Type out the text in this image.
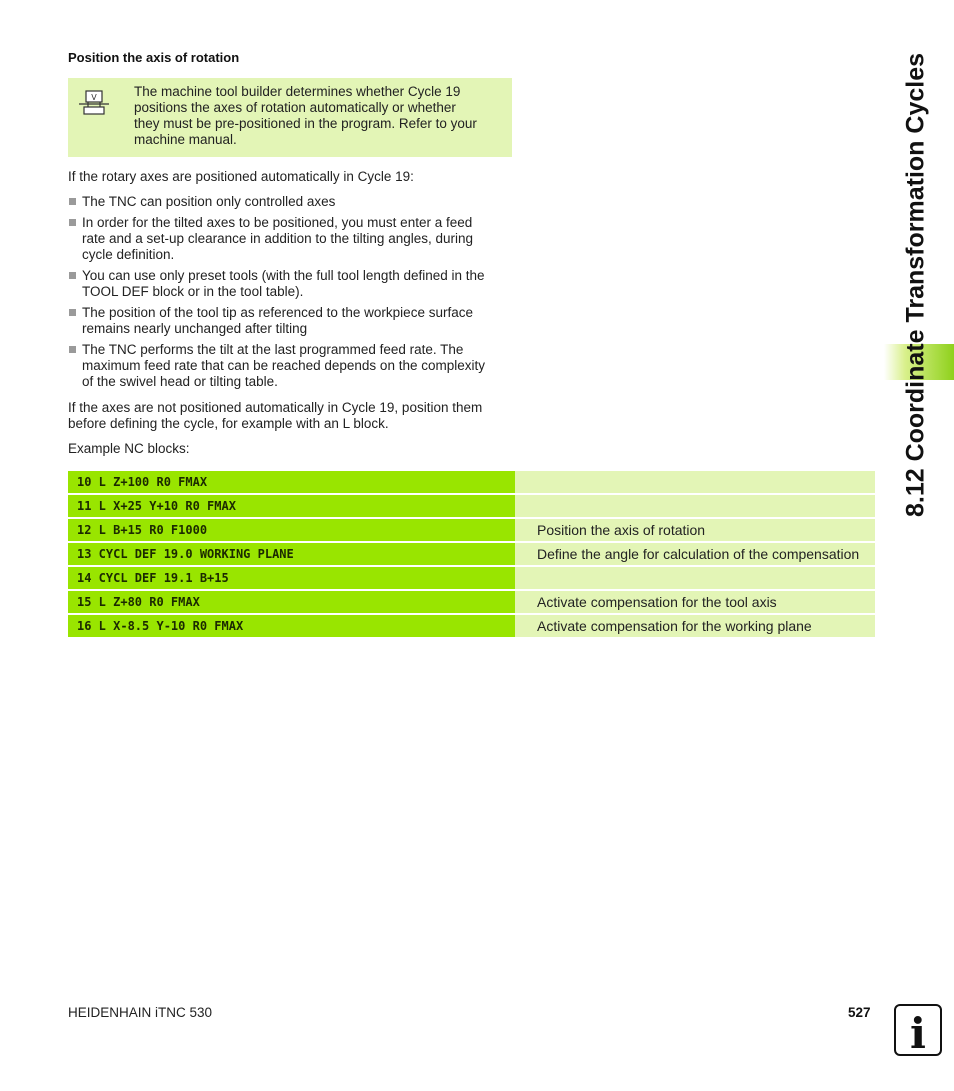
Position the axis of rotation
V	The machine tool builder determines whether Cycle 19
positions the axes of rotation automatically or whether
they must be pre-positioned in the program. Refer to your
machine manual.
If the rotary axes are positioned automatically in Cycle 19:
The TNC can position only controlled axes
In order for the tilted axes to be positioned, you must enter a feed
rate and a set-up clearance in addition to the tilting angles, during
cycle definition.
You can use only preset tools (with the full tool length defined in the
TOOL DEF block or in the tool table).
The position of the tool tip as referenced to the workpiece surface
remains nearly unchanged after tilting
The TNC performs the tilt at the last programmed feed rate. The
maximum feed rate that can be reached depends on the complexity
of the swivel head or tilting table.
If the axes are not positioned automatically in Cycle 19, position them
before defining the cycle, for example with an L block.
Example NC blocks:
10 L Z+100 R0 FMAX
11 L X+25 Y+10 R0 FMAX
12 L B+15 R0 F1000	Position the axis of rotation
13 CYCL DEF 19.0 WORKING PLANE	Define the angle for calculation of the compensation
14 CYCL DEF 19.1 B+15
15 L Z+80 R0 FMAX	Activate compensation for the tool axis
16 L X-8.5 Y-10 R0 FMAX	Activate compensation for the working plane
8.12 Coordinate Transformation Cycles
HEIDENHAIN iTNC 530	527 i
